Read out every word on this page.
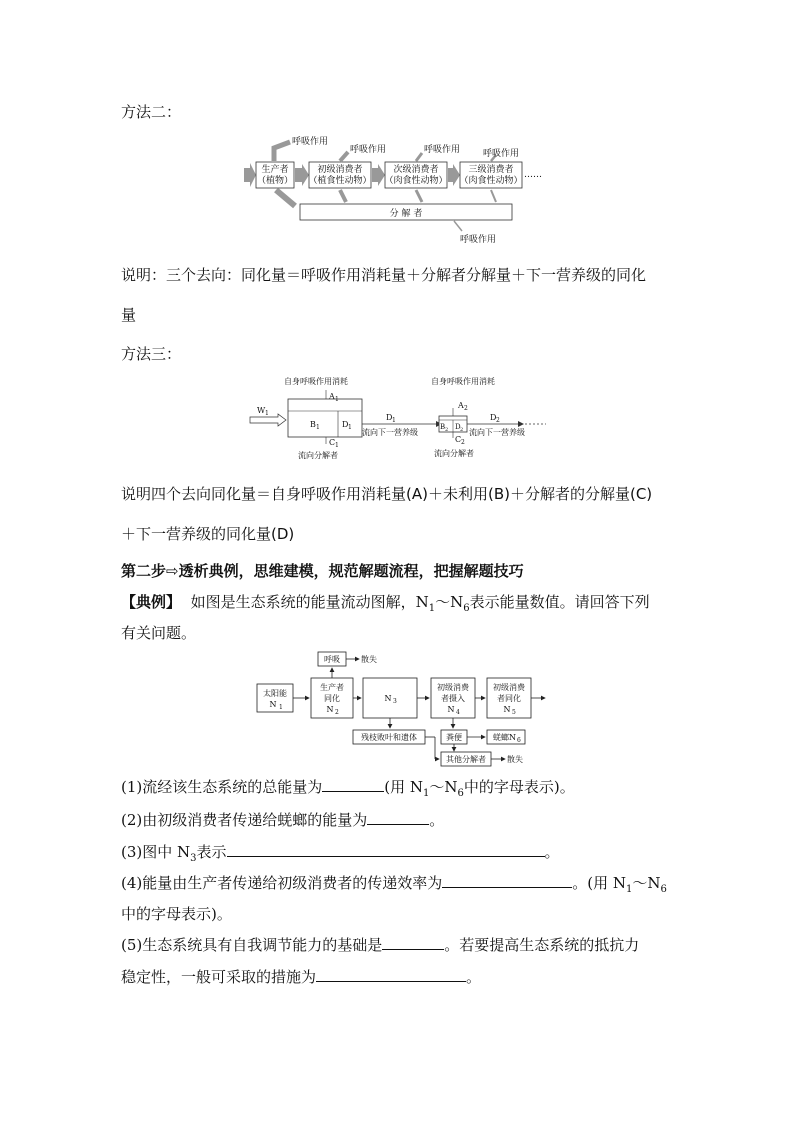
方法二：
生产者
（植物）
初级消费者
（植食性动物）
次级消费者
（肉食性动物）
三级消费者
（肉食性动物）
……
呼吸作用
呼吸作用	呼吸作用	呼吸作用
分 解 者
呼吸作用
说明：三个去向：同化量＝呼吸作用消耗量＋分解者分解量＋下一营养级的同化
量
方法三：
自身呼吸作用消耗	自身呼吸作用消耗
W 1
A 1
B 1	D 1
C 1
流向分解者
D 1
流向下一营养级
A 2
B 2 D 2
C 2
流向分解者
D 2
流向下一营养级
说明四个去向同化量＝自身呼吸作用消耗量(A)＋未利用(B)＋分解者的分解量(C)
＋下一营养级的同化量(D)
第二步⇨透析典例，思维建模，规范解题流程，把握解题技巧
【典例】 如图是生态系统的能量流动图解，$N_1\sim N_6$表示能量数值。请回答下列
有关问题。
呼吸	散失
太阳能
N 1
生产者
同化
N 2
N 3
初级消费
者摄入
N 4
初级消费
者同化
N 5
残枝败叶和遗体	粪便	蜣螂N 6
其他分解者	散失
(1)流经该生态系统的总能量为	(用 $N_1\sim N_6$中的字母表示)。
(2)由初级消费者传递给蜣螂的能量为	。
(3)图中 $N_3$表示	。
(4)能量由生产者传递给初级消费者的传递效率为	。(用 $N_1\sim N_6$
中的字母表示)。
(5)生态系统具有自我调节能力的基础是	。若要提高生态系统的抵抗力
稳定性，一般可采取的措施为	。
